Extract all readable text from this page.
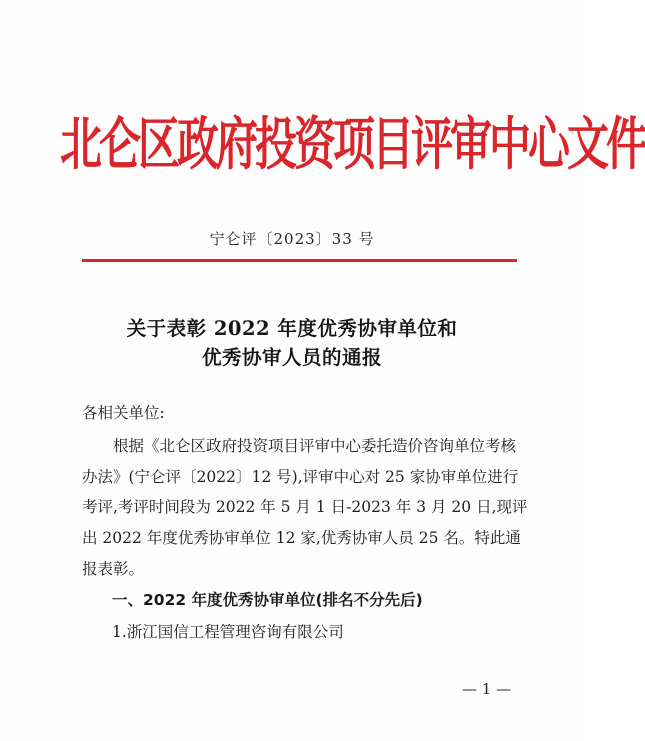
北仑区政府投资项目评审中心文件
宁仑评〔2023〕33 号
关于表彰 2022 年度优秀协审单位和
优秀协审人员的通报
各相关单位:
根据《北仑区政府投资项目评审中心委托造价咨询单位考核
办法》(宁仑评〔2022〕12 号),评审中心对 25 家协审单位进行
考评,考评时间段为 2022 年 5 月 1 日-2023 年 3 月 20 日,现评
出 2022 年度优秀协审单位 12 家,优秀协审人员 25 名。特此通
报表彰。
一、2022 年度优秀协审单位(排名不分先后)
1.浙江国信工程管理咨询有限公司
— 1 —
